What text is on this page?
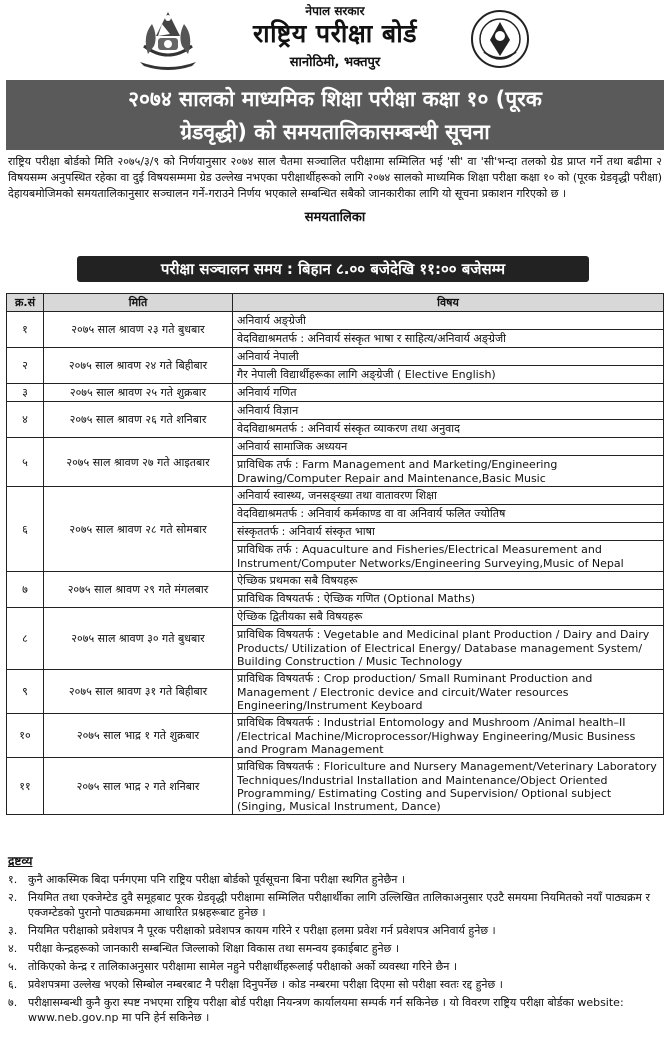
नेपाल सरकार
राष्ट्रिय परीक्षा बोर्ड
सानोठिमी, भक्तपुर
२०७४ सालको माध्यमिक शिक्षा परीक्षा कक्षा १० (पूरक
ग्रेडवृद्धी) को समयतालिकासम्बन्धी सूचना
राष्ट्रिय परीक्षा बोर्डको मिति २०७५/३/९ को निर्णयानुसार २०७४ साल चैतमा सञ्चालित परीक्षामा सम्मिलित भई 'सी' वा 'सी'भन्दा तलको ग्रेड प्राप्त गर्ने तथा बढीमा २ विषयसम्म अनुपस्थित रहेका वा दुई विषयसम्ममा ग्रेड उल्लेख नभएका परीक्षार्थीहरूको लागि २०७४ सालको माध्यमिक शिक्षा परीक्षा कक्षा १० को (पूरक ग्रेडवृद्धी परीक्षा) देहायबमोजिमको समयतालिकानुसार सञ्चालन गर्ने-गराउने निर्णय भएकाले सम्बन्धित सबैको जानकारीका लागि यो सूचना प्रकाशन गरिएको छ ।
समयतालिका
परीक्षा सञ्चालन समय : बिहान ८.०० बजेदेखि ११:०० बजेसम्म
क्र.सं	मिति	विषय
१	२०७५ साल श्रावण २३ गते बुधबार	अनिवार्य अङ्ग्रेजी
वेदविद्याश्रमतर्फ : अनिवार्य संस्कृत भाषा र साहित्य/अनिवार्य अङ्ग्रेजी

२	२०७५ साल श्रावण २४ गते बिहीबार	अनिवार्य नेपाली
गैर नेपाली विद्यार्थीहरूका लागि अङ्ग्रेजी ( Elective English)

३	२०७५ साल श्रावण २५ गते शुक्रबार	अनिवार्य गणित

४	२०७५ साल श्रावण २६ गते शनिबार	अनिवार्य विज्ञान
वेदविद्याश्रमतर्फ : अनिवार्य संस्कृत व्याकरण तथा अनुवाद

५	२०७५ साल श्रावण २७ गते आइतबार	अनिवार्य सामाजिक अध्ययन
प्राविधिक तर्फ : Farm Management and Marketing/Engineering Drawing/Computer Repair and Maintenance,Basic Music

६	२०७५ साल श्रावण २८ गते सोमबार	अनिवार्य स्वास्थ्य, जनसङ्ख्या तथा वातावरण शिक्षा
वेदविद्याश्रमतर्फ : अनिवार्य कर्मकाण्ड वा वा अनिवार्य फलित ज्योतिष
संस्कृततर्फ : अनिवार्य संस्कृत भाषा
प्राविधिक तर्फ : Aquaculture and Fisheries/Electrical Measurement and Instrument/Computer Networks/Engineering Surveying,Music of Nepal

७	२०७५ साल श्रावण २९ गते मंगलबार	ऐच्छिक प्रथमका सबै विषयहरू
प्राविधिक विषयतर्फ : ऐच्छिक गणित (Optional Maths)

८	२०७५ साल श्रावण ३० गते बुधबार	ऐच्छिक द्वितीयका सबै विषयहरू
प्राविधिक विषयतर्फ : Vegetable and Medicinal plant Production / Dairy and Dairy Products/ Utilization of Electrical Energy/ Database management System/ Building Construction / Music Technology

९	२०७५ साल श्रावण ३१ गते बिहीबार	प्राविधिक विषयतर्फ : Crop production/ Small Ruminant Production and Management / Electronic device and circuit/Water resources Engineering/Instrument Keyboard

१०	२०७५ साल भाद्र १ गते शुक्रबार	प्राविधिक विषयतर्फ : Industrial Entomology and Mushroom /Animal health–II /Electrical Machine/Microprocessor/Highway Engineering/Music Business and Program Management

११	२०७५ साल भाद्र २ गते शनिबार	प्राविधिक विषयतर्फ : Floriculture and Nursery Management/Veterinary Laboratory Techniques/Industrial Installation and Maintenance/Object Oriented Programming/ Estimating Costing and Supervision/ Optional subject (Singing, Musical Instrument, Dance)
द्रष्टव्य
१. कुनै आकस्मिक बिदा पर्नगएमा पनि राष्ट्रिय परीक्षा बोर्डको पूर्वसूचना बिना परीक्षा स्थगित हुनेछैन ।
२. नियमित तथा एक्जेम्टेड दुवै समूहबाट पूरक ग्रेडवृद्धी परीक्षामा सम्मिलित परीक्षार्थीका लागि उल्लिखित तालिकाअनुसार एउटै समयमा नियमितको नयाँ पाठ्यक्रम र एक्जम्टेडको पुरानो पाठ्यक्रममा आधारित प्रश्नहरूबाट हुनेछ ।
३. नियमित परीक्षाको प्रवेशपत्र नै पूरक परीक्षाको प्रवेशपत्र कायम गरिने र परीक्षा हलमा प्रवेश गर्न प्रवेशपत्र अनिवार्य हुनेछ ।
४. परीक्षा केन्द्रहरूको जानकारी सम्बन्धित जिल्लाको शिक्षा विकास तथा समन्वय इकाईबाट हुनेछ ।
५. तोकिएको केन्द्र र तालिकाअनुसार परीक्षामा सामेल नहुने परीक्षार्थीहरूलाई परीक्षाको अर्को व्यवस्था गरिने छैन ।
६. प्रवेशपत्रमा उल्लेख भएको सिम्बोल नम्बरबाट नै परीक्षा दिनुपर्नेछ । कोड नम्बरमा परीक्षा दिएमा सो परीक्षा स्वतः रद्द हुनेछ ।
७. परीक्षासम्बन्धी कुनै कुरा स्पष्ट नभएमा राष्ट्रिय परीक्षा बोर्ड परीक्षा नियन्त्रण कार्यालयमा सम्पर्क गर्न सकिनेछ । यो विवरण राष्ट्रिय परीक्षा बोर्डका website: www.neb.gov.np मा पनि हेर्न सकिनेछ ।
